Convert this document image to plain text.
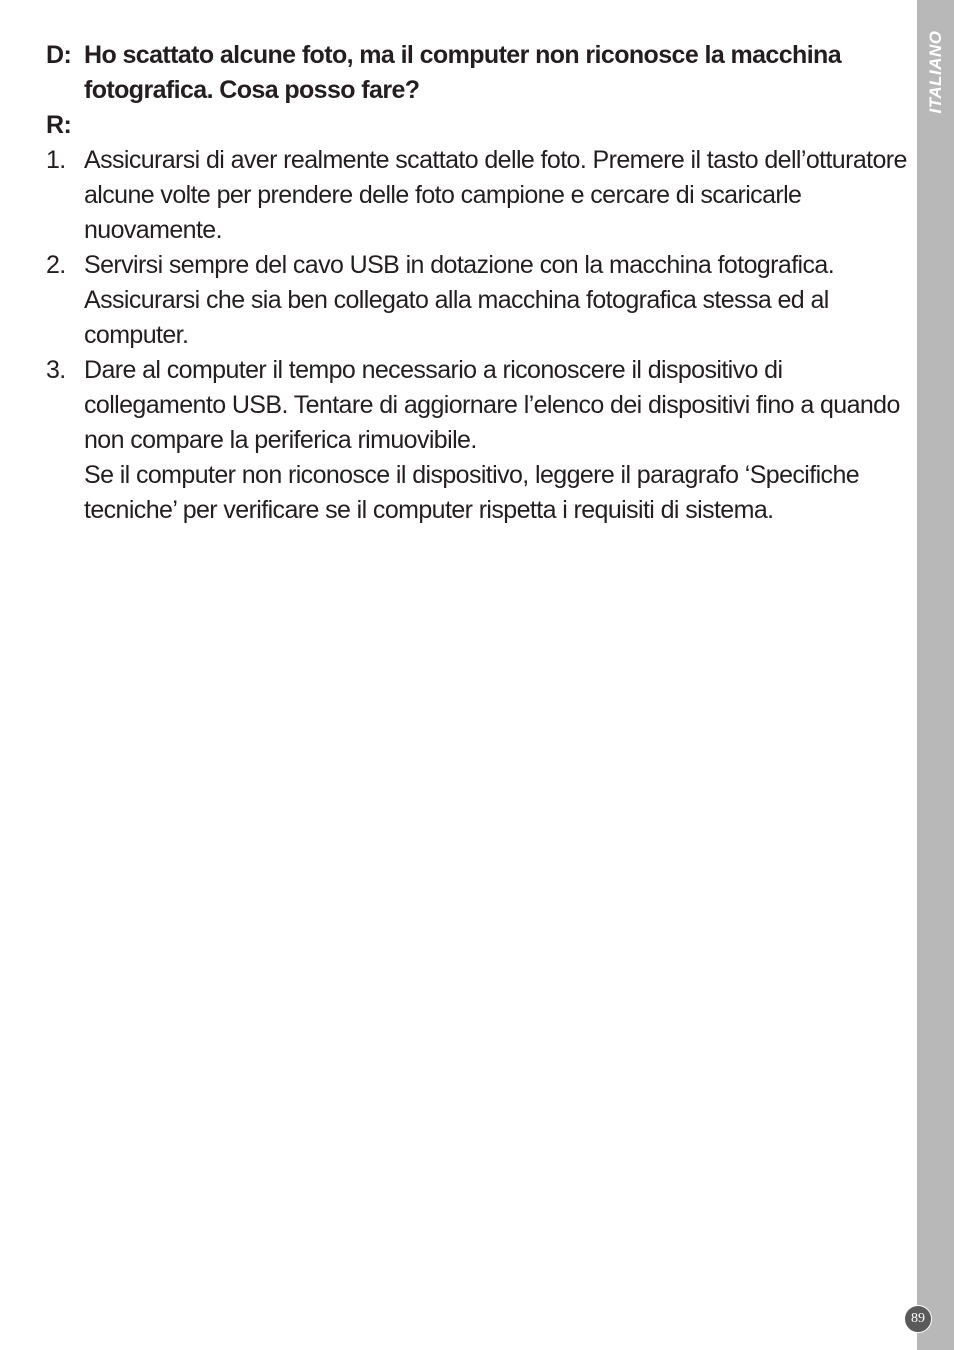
D: Ho scattato alcune foto, ma il computer non riconosce la macchina fotografica. Cosa posso fare?
R:
1. Assicurarsi di aver realmente scattato delle foto. Premere il tasto dell’otturatore alcune volte per prendere delle foto campione e cercare di scaricarle nuovamente.

2. Servirsi sempre del cavo USB in dotazione con la macchina fotografica. Assicurarsi che sia ben collegato alla macchina fotografica stessa ed al computer.

3. Dare al computer il tempo necessario a riconoscere il dispositivo di collegamento USB. Tentare di aggiornare l’elenco dei dispositivi fino a quando non compare la periferica rimuovibile.

Se il computer non riconosce il dispositivo, leggere il paragrafo ‘Specifiche tecniche’ per verificare se il computer rispetta i requisiti di sistema.

ITALIANO
89
